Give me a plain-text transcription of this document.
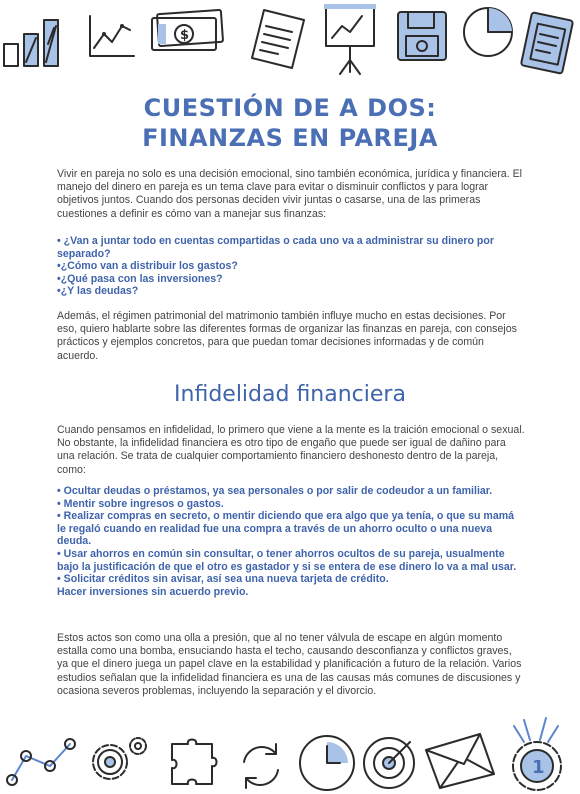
$
CUESTIÓN DE A DOS:
FINANZAS EN PAREJA

Vivir en pareja no solo es una decisión emocional, sino también económica, jurídica y financiera. El manejo del dinero en pareja es un tema clave para evitar o disminuir conflictos y para lograr objetivos juntos. Cuando dos personas deciden vivir juntas o casarse, una de las primeras cuestiones a definir es cómo van a manejar sus finanzas:

• ¿Van a juntar todo en cuentas compartidas o cada uno va a administrar su dinero por separado?
•¿Cómo van a distribuir los gastos?
•¿Qué pasa con las inversiones?
•¿Y las deudas?

Además, el régimen patrimonial del matrimonio también influye mucho en estas decisiones. Por eso, quiero hablarte sobre las diferentes formas de organizar las finanzas en pareja, con consejos prácticos y ejemplos concretos, para que puedan tomar decisiones informadas y de común acuerdo.

Infidelidad financiera

Cuando pensamos en infidelidad, lo primero que viene a la mente es la traición emocional o sexual. No obstante, la infidelidad financiera es otro tipo de engaño que puede ser igual de dañino para una relación. Se trata de cualquier comportamiento financiero deshonesto dentro de la pareja, como:

• Ocultar deudas o préstamos, ya sea personales o por salir de codeudor a un familiar.
• Mentir sobre ingresos o gastos.
• Realizar compras en secreto, o mentir diciendo que era algo que ya tenía, o que su mamá le regaló cuando en realidad fue una compra a través de un ahorro oculto o una nueva deuda.
• Usar ahorros en común sin consultar, o tener ahorros ocultos de su pareja, usualmente bajo la justificación de que el otro es gastador y si se entera de ese dinero lo va a mal usar.
• Solicitar créditos sin avisar, así sea una nueva tarjeta de crédito.
Hacer inversiones sin acuerdo previo.

Estos actos son como una olla a presión, que al no tener válvula de escape en algún momento estalla como una bomba, ensuciando hasta el techo, causando desconfianza y conflictos graves, ya que el dinero juega un papel clave en la estabilidad y planificación a futuro de la relación. Varios estudios señalan que la infidelidad financiera es una de las causas más comunes de discusiones y ocasiona severos problemas, incluyendo la separación y el divorcio.

1
